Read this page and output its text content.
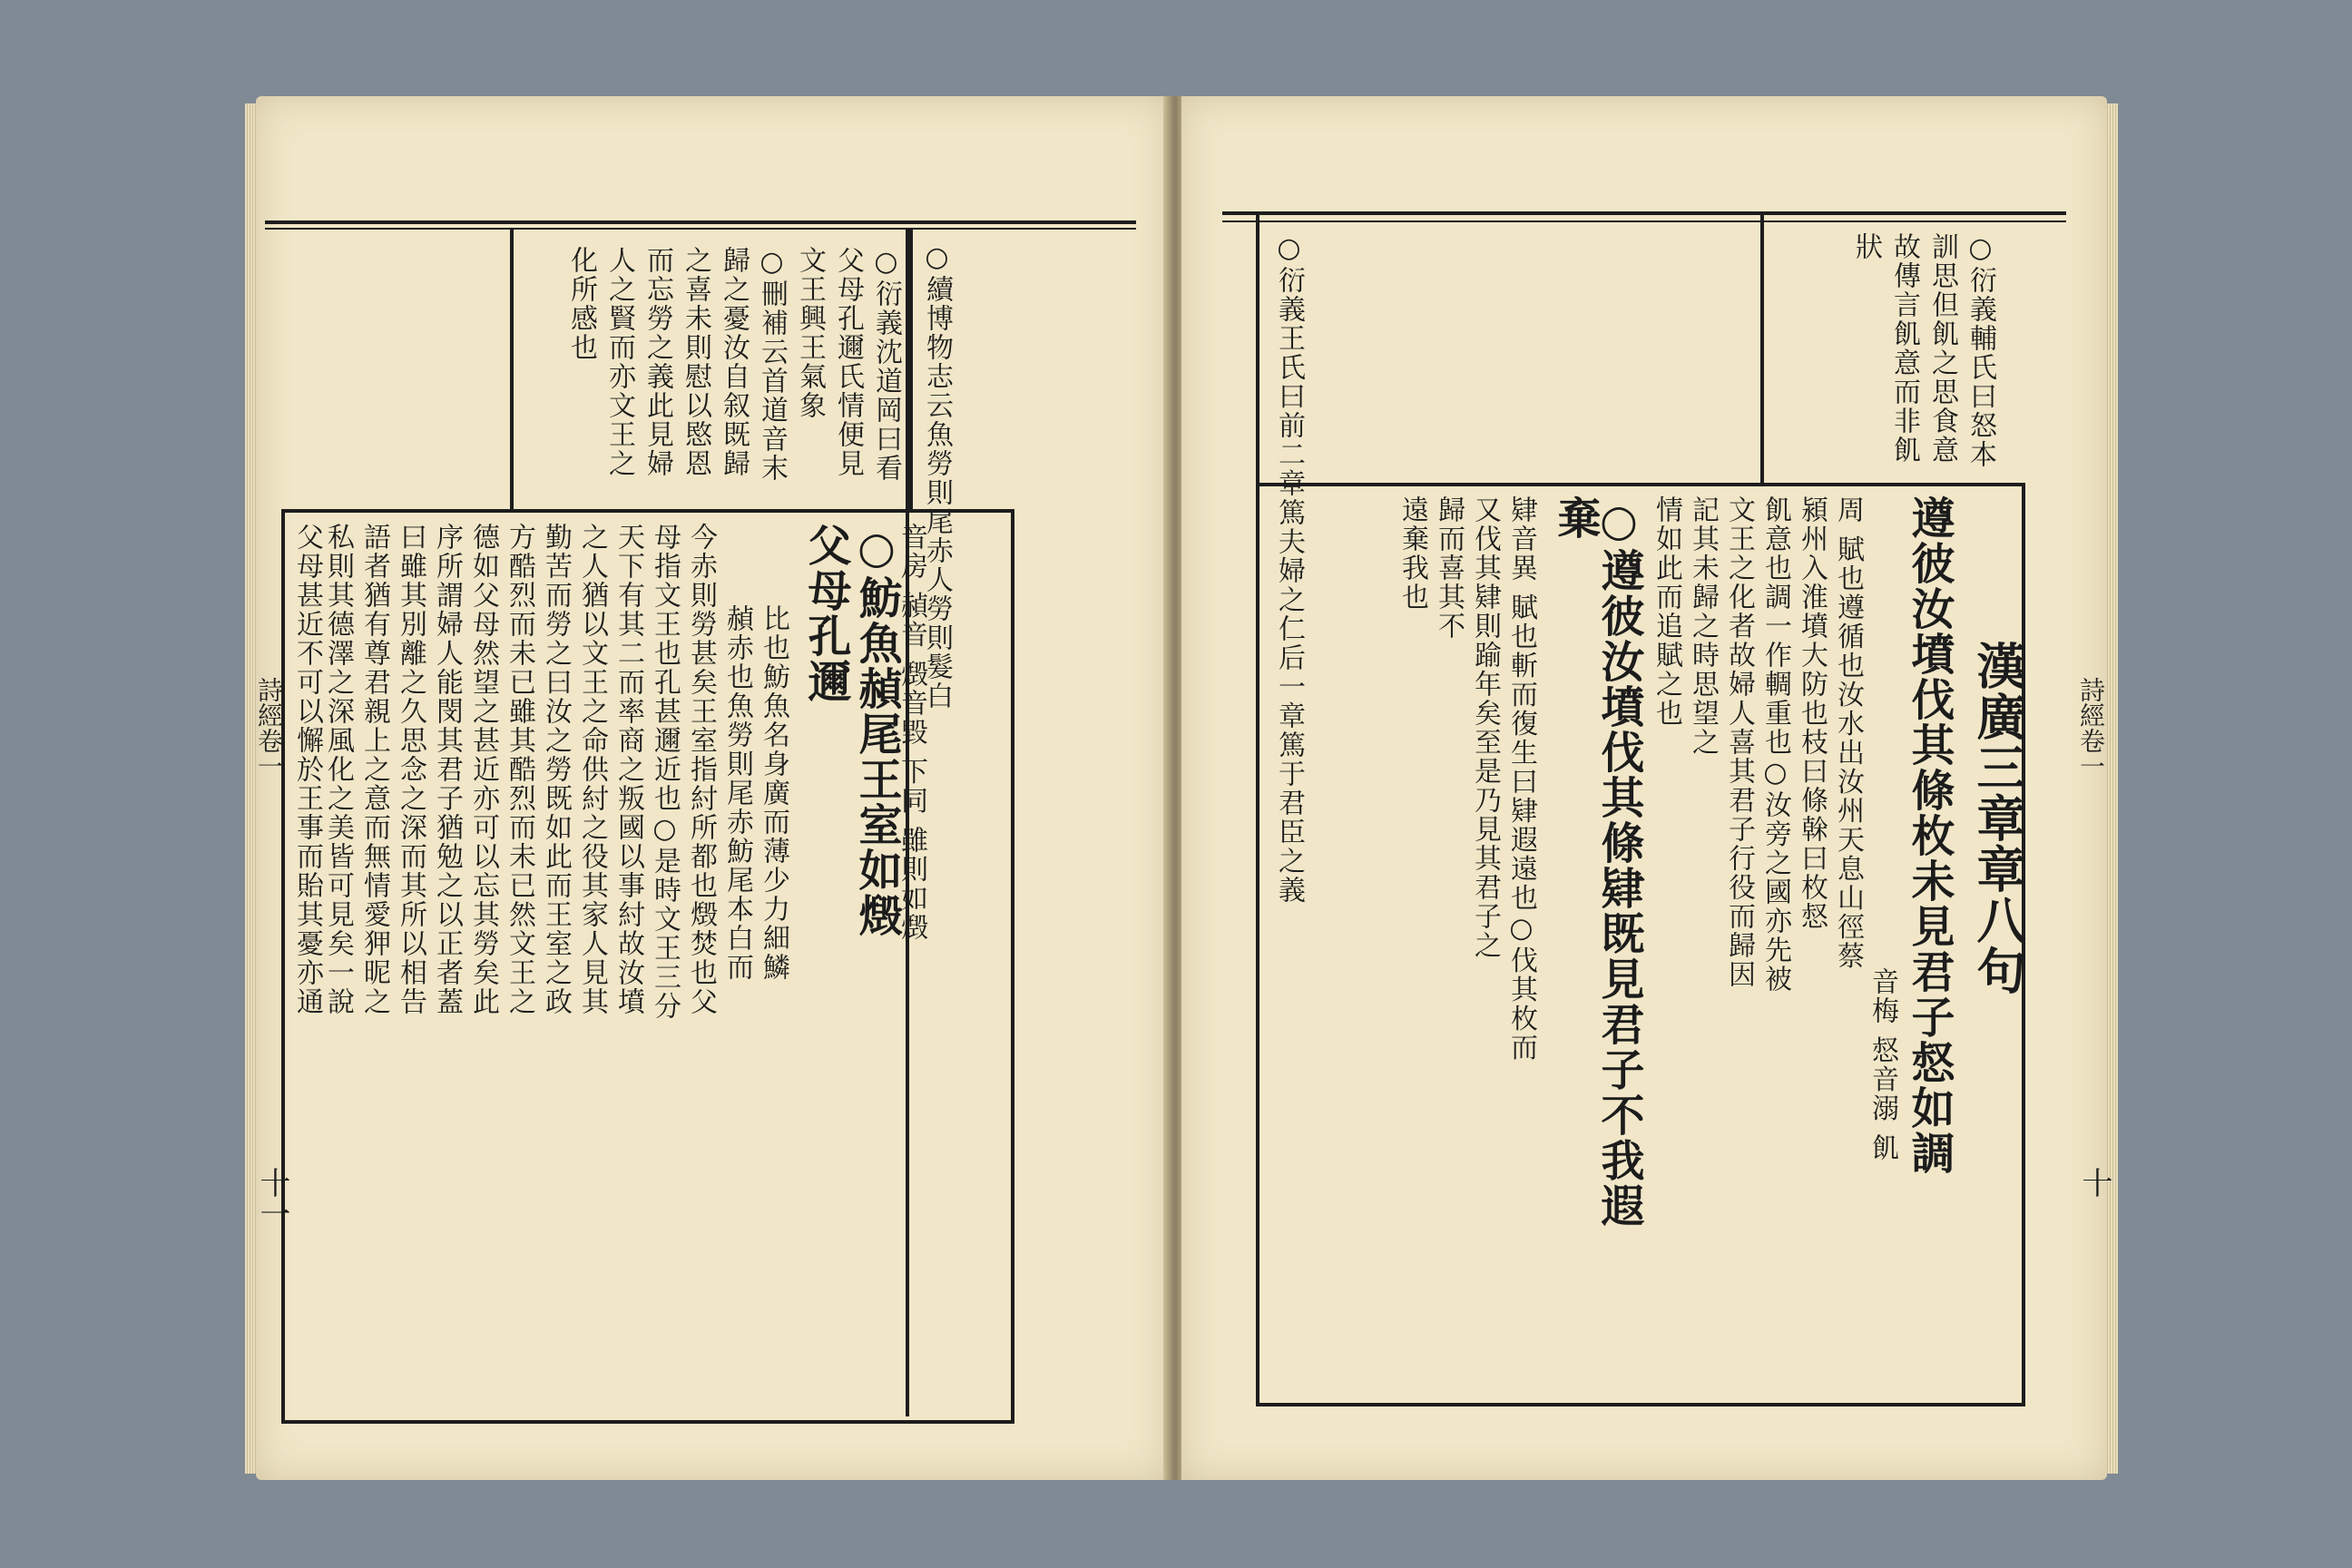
○續博物志云魚勞則尾赤人勞則髮白
○衍義沈道岡曰看
父母孔邇氏情便見
文王興王氣象
○刪補云首道音末
歸之憂汝自叙既歸
之喜未則慰以愍恩
而忘勞之義此見婦
人之賢而亦文王之
化所感也
○魴魚赬尾王室如燬
父母孔邇 音房 赬音 燬音毀 下同 雖則如燬
比也魴魚名身廣而薄少力細鱗
赬赤也魚勞則尾赤魴尾本白而
今赤則勞甚矣王室指紂所都也燬焚也父
母指文王也孔甚邇近也○是時文王三分
天下有其二而率商之叛國以事紂故汝墳
之人猶以文王之命供紂之役其家人見其
勤苦而勞之曰汝之勞既如此而王室之政
方酷烈而未已雖其酷烈而未已然文王之
德如父母然望之甚近亦可以忘其勞矣此
序所謂婦人能閔其君子猶勉之以正者蓋
曰雖其別離之久思念之深而其所以相告
語者猶有尊君親上之意而無情愛狎昵之
私則其德澤之深風化之美皆可見矣一說
父母甚近不可以懈於王事而貽其憂亦通
詩經卷一
十一
○衍義輔氏曰怒本
訓思但飢之思食意
故傳言飢意而非飢
狀
○衍義王氏曰前二章篤夫婦之仁后一章篤于君臣之義	漢廣三章章八句
遵彼汝墳伐其條枚未見君子惄如調
○遵彼汝墳伐其條肄既見君子不我遐
棄
音梅 惄音溺 飢
周 賦也遵循也汝水出汝州天息山徑蔡
潁州入淮墳大防也枝曰條榦曰枚惄
飢意也調一作輖重也○汝旁之國亦先被
文王之化者故婦人喜其君子行役而歸因
記其未歸之時思望之
情如此而追賦之也
肄音異 賦也斬而復生曰肄遐遠也○伐其枚而
又伐其肄則踰年矣至是乃見其君子之
歸而喜其不
遠棄我也
詩經卷一
十
